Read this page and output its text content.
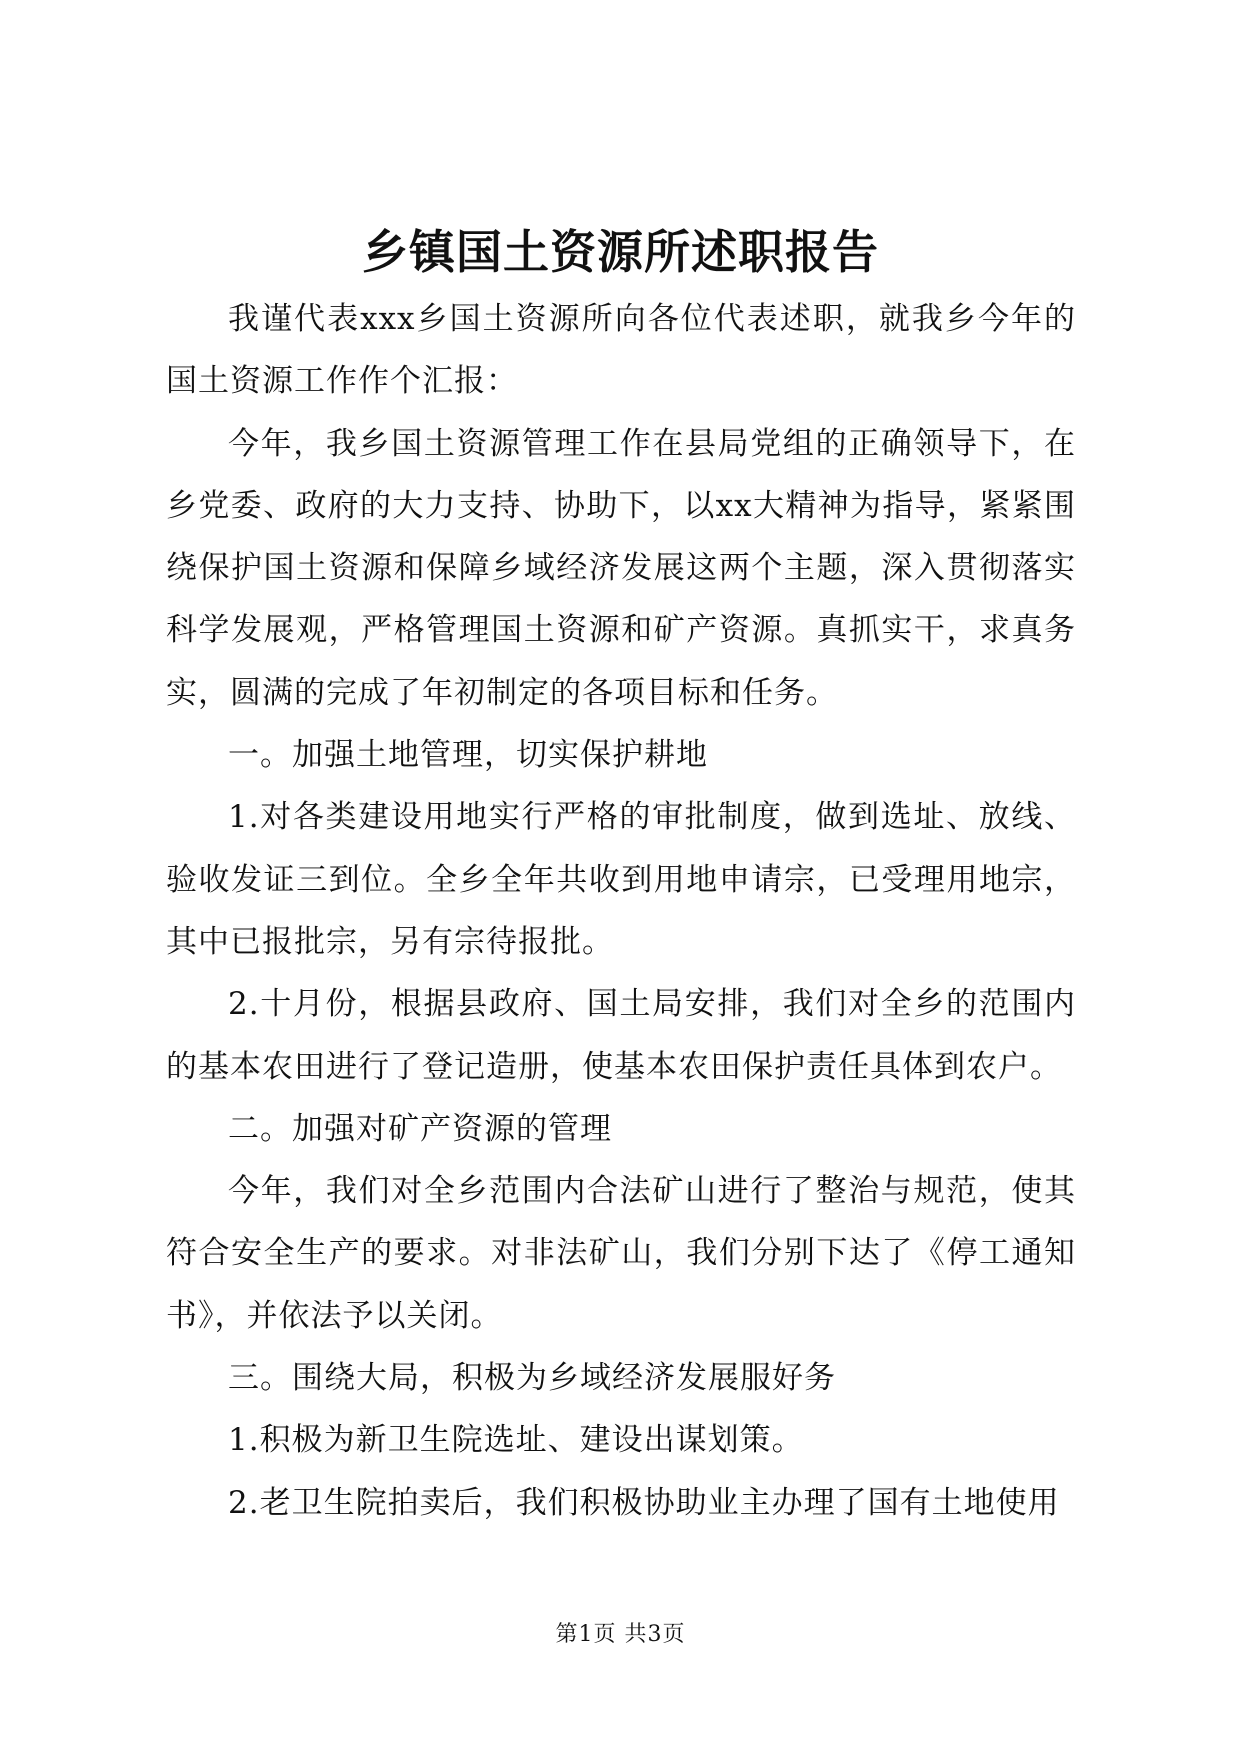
乡镇国土资源所述职报告

我谨代表xxx乡国土资源所向各位代表述职，就我乡今年的国土资源工作作个汇报：

今年，我乡国土资源管理工作在县局党组的正确领导下，在乡党委、政府的大力支持、协助下，以xx大精神为指导，紧紧围绕保护国土资源和保障乡域经济发展这两个主题，深入贯彻落实科学发展观，严格管理国土资源和矿产资源。真抓实干，求真务实，圆满的完成了年初制定的各项目标和任务。

一。加强土地管理，切实保护耕地

1.对各类建设用地实行严格的审批制度，做到选址、放线、验收发证三到位。全乡全年共收到用地申请宗，已受理用地宗，其中已报批宗，另有宗待报批。

2.十月份，根据县政府、国土局安排，我们对全乡的范围内的基本农田进行了登记造册，使基本农田保护责任具体到农户。

二。加强对矿产资源的管理

今年，我们对全乡范围内合法矿山进行了整治与规范，使其符合安全生产的要求。对非法矿山，我们分别下达了《停工通知书》，并依法予以关闭。

三。围绕大局，积极为乡域经济发展服好务

1.积极为新卫生院选址、建设出谋划策。

2.老卫生院拍卖后，我们积极协助业主办理了国有土地使用

第1页 共3页
